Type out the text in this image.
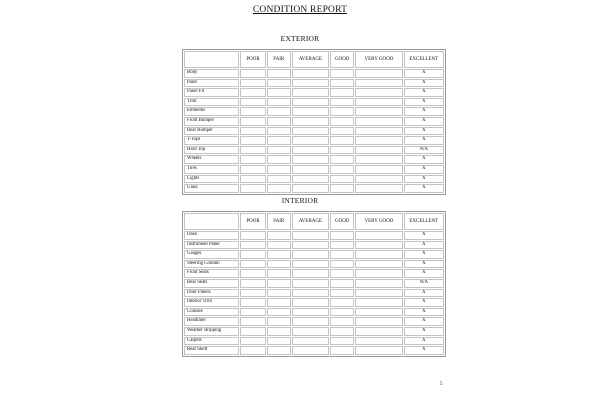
CONDITION REPORT
EXTERIOR
	POOR	FAIR	AVERAGE	GOOD	VERY GOOD	EXCELLENT
Body						X
Paint						X
Panel Fit						X
Trim						X
Emblems						X
Front Bumper						X
Rear Bumper						X
T-Tops						X
Hard Top						N/A
Wheels						X
Tires						X
Lights						X
Glass						X
INTERIOR
	POOR	FAIR	AVERAGE	GOOD	VERY GOOD	EXCELLENT
Dash						X
Instrument Panel						X
Gauges						X
Steering Column						X
Front Seats						X
Rear Seats						N/A
Door Panels						X
Interior Trim						X
Console						X
Headliner						X
Weather stripping						X
Carpets						X
Rear Shelf						X
5
